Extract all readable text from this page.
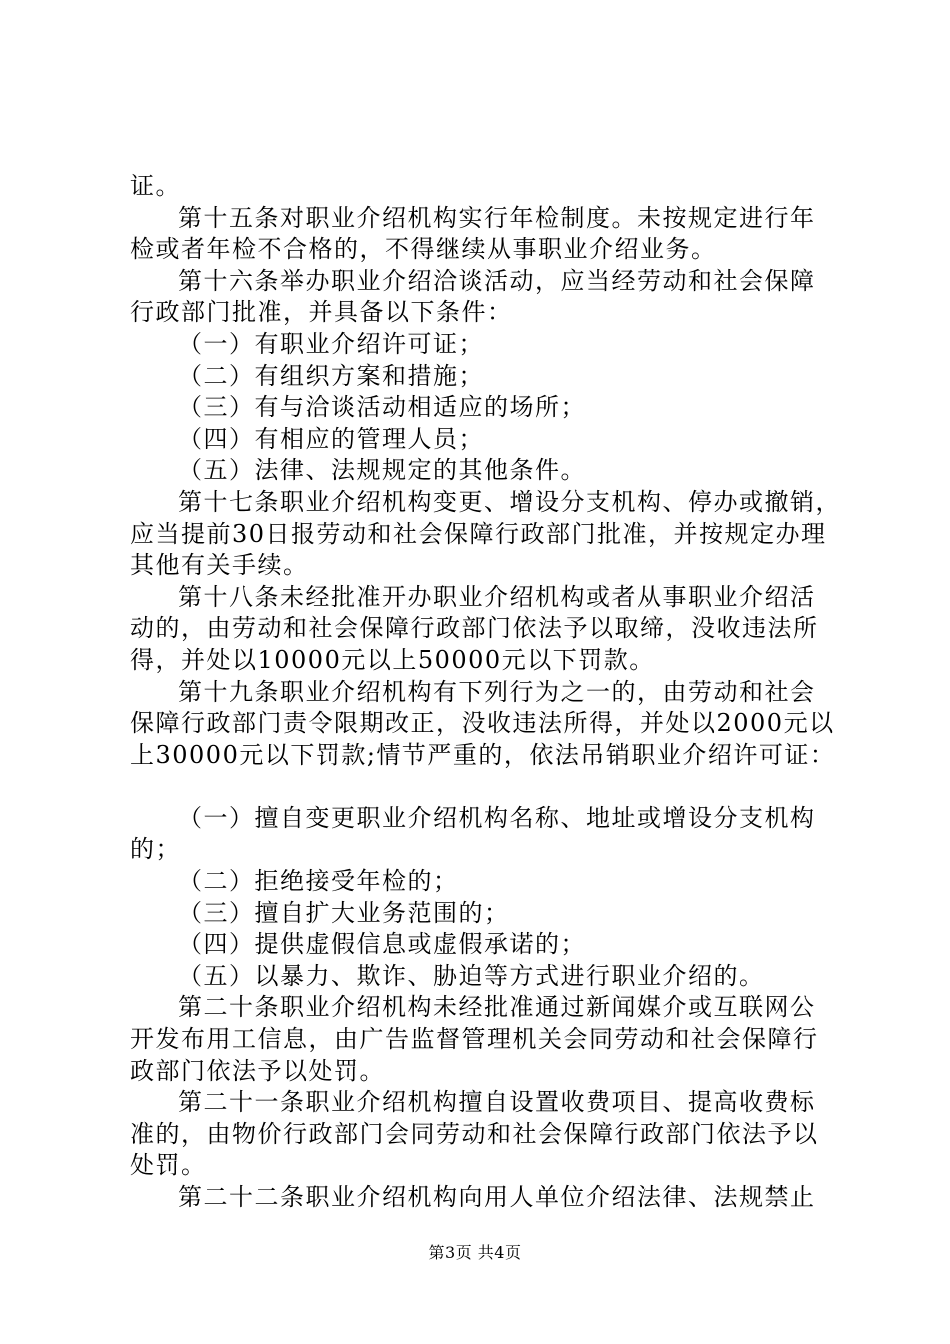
证。
第十五条对职业介绍机构实行年检制度。未按规定进行年
检或者年检不合格的，不得继续从事职业介绍业务。
第十六条举办职业介绍洽谈活动，应当经劳动和社会保障
行政部门批准，并具备以下条件：
（一）有职业介绍许可证；
（二）有组织方案和措施；
（三）有与洽谈活动相适应的场所；
（四）有相应的管理人员；
（五）法律、法规规定的其他条件。
第十七条职业介绍机构变更、增设分支机构、停办或撤销，
应当提前30日报劳动和社会保障行政部门批准，并按规定办理
其他有关手续。
第十八条未经批准开办职业介绍机构或者从事职业介绍活
动的，由劳动和社会保障行政部门依法予以取缔，没收违法所
得，并处以10000元以上50000元以下罚款。
第十九条职业介绍机构有下列行为之一的，由劳动和社会
保障行政部门责令限期改正，没收违法所得，并处以2000元以
上30000元以下罚款;情节严重的，依法吊销职业介绍许可证：
（一）擅自变更职业介绍机构名称、地址或增设分支机构
的；
（二）拒绝接受年检的；
（三）擅自扩大业务范围的；
（四）提供虚假信息或虚假承诺的；
（五）以暴力、欺诈、胁迫等方式进行职业介绍的。
第二十条职业介绍机构未经批准通过新闻媒介或互联网公
开发布用工信息，由广告监督管理机关会同劳动和社会保障行
政部门依法予以处罚。
第二十一条职业介绍机构擅自设置收费项目、提高收费标
准的，由物价行政部门会同劳动和社会保障行政部门依法予以
处罚。
第二十二条职业介绍机构向用人单位介绍法律、法规禁止
第3页 共4页
